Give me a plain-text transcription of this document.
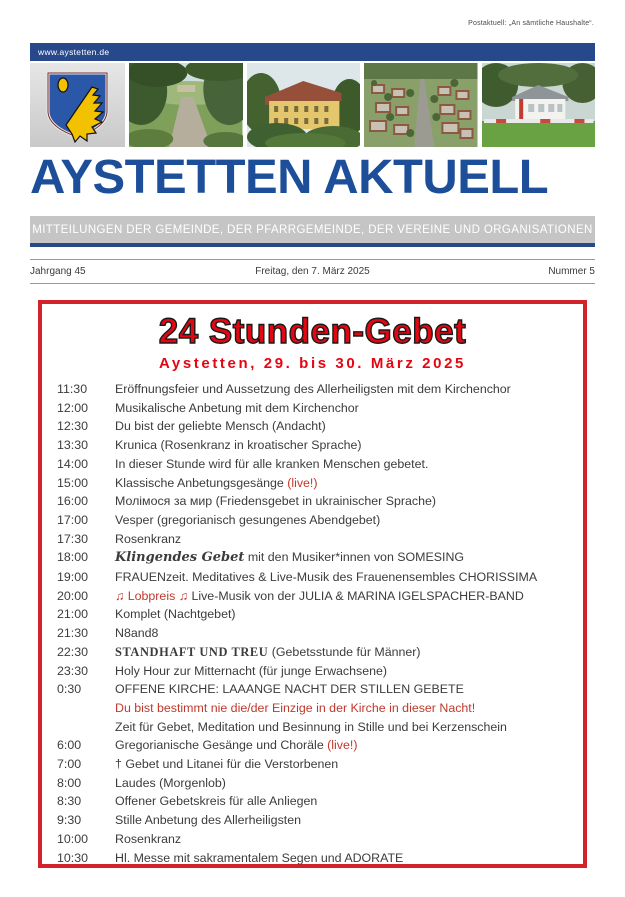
Postaktuell: „An sämtliche Haushalte“.
www.aystetten.de
AYSTETTEN AKTUELL
MITTEILUNGEN DER GEMEINDE, DER PFARRGEMEINDE, DER VEREINE UND ORGANISATIONEN
Jahrgang 45	Freitag, den 7. März 2025	Nummer 5
24 Stunden-Gebet
Aystetten, 29. bis 30. März 2025
11:30	Eröffnungsfeier und Aussetzung des Allerheiligsten mit dem Kirchenchor
12:00	Musikalische Anbetung mit dem Kirchenchor
12:30	Du bist der geliebte Mensch (Andacht)
13:30	Krunica (Rosenkranz in kroatischer Sprache)
14:00	In dieser Stunde wird für alle kranken Menschen gebetet.
15:00	Klassische Anbetungsgesänge (live!)
16:00	Молімося за мир (Friedensgebet in ukrainischer Sprache)
17:00	Vesper (gregorianisch gesungenes Abendgebet)
17:30	Rosenkranz
18:00	Klingendes Gebet mit den Musiker*innen von SOMESING
19:00	FRAUENzeit. Meditatives & Live-Musik des Frauenensembles CHORISSIMA
20:00	♫ Lobpreis ♫ Live-Musik von der JULIA & MARINA IGELSPACHER-BAND
21:00	Komplet (Nachtgebet)
21:30	N8and8
22:30	STANDHAFT UND TREU (Gebetsstunde für Männer)
23:30	Holy Hour zur Mitternacht (für junge Erwachsene)
0:30	OFFENE KIRCHE: LAAANGE NACHT DER STILLEN GEBETE
Du bist bestimmt nie die/der Einzige in der Kirche in dieser Nacht!
Zeit für Gebet, Meditation und Besinnung in Stille und bei Kerzenschein
6:00	Gregorianische Gesänge und Choräle (live!)
7:00	† Gebet und Litanei für die Verstorbenen
8:00	Laudes (Morgenlob)
8:30	Offener Gebetskreis für alle Anliegen
9:30	Stille Anbetung des Allerheiligsten
10:00	Rosenkranz
10:30	Hl. Messe mit sakramentalem Segen und ADORATE
